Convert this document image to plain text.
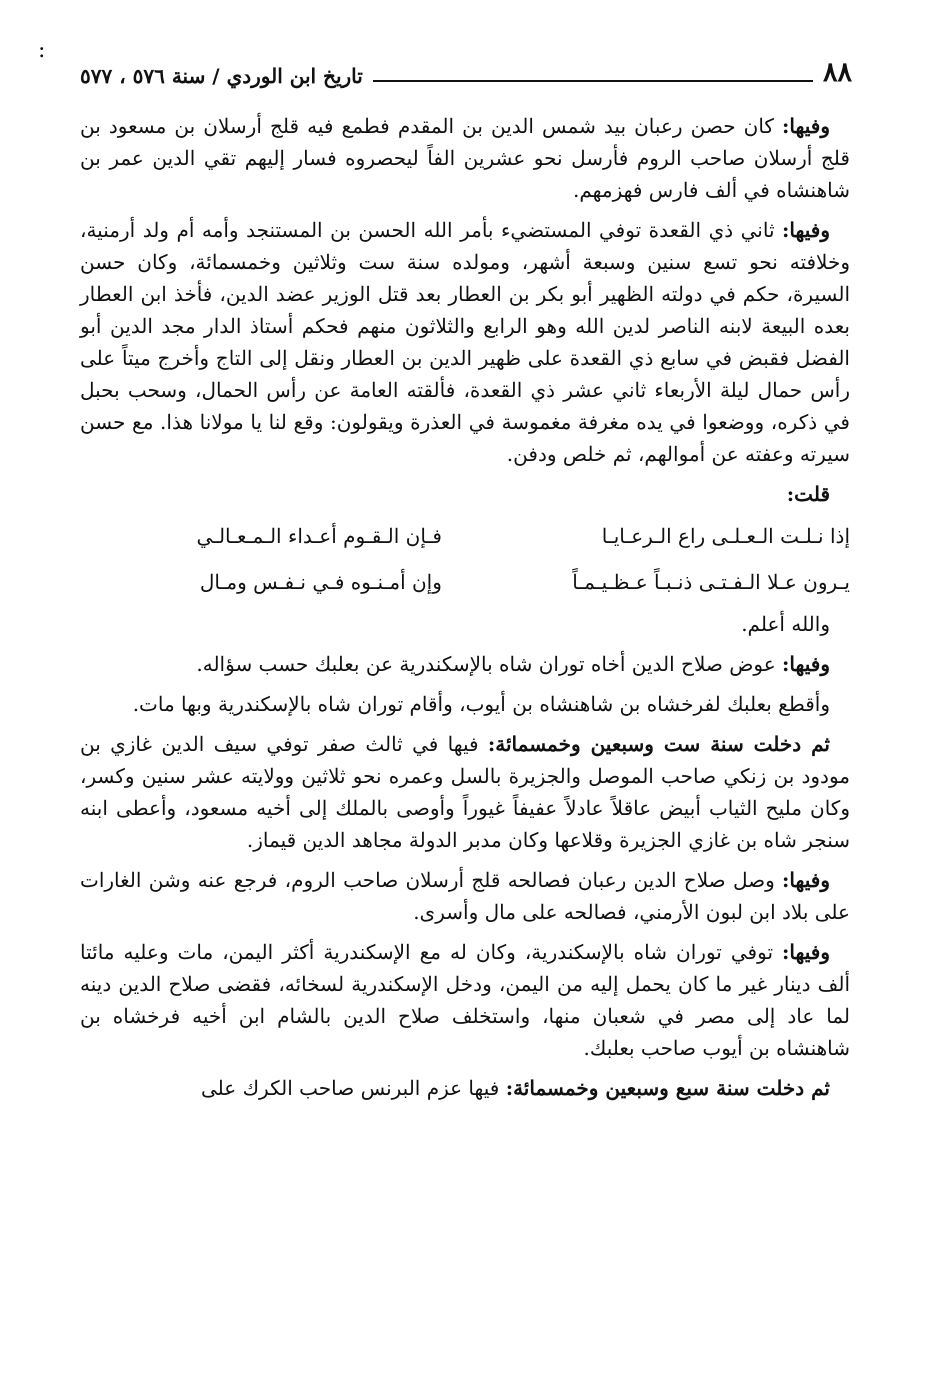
:
٨٨
تاريخ ابن الوردي / سنة ٥٧٦ ، ٥٧٧

وفيها: كان حصن رعبان بيد شمس الدين بن المقدم فطمع فيه قلج أرسلان بن مسعود بن قلج أرسلان صاحب الروم فأرسل نحو عشرين الفاً ليحصروه فسار إليهم تقي الدين عمر بن شاهنشاه في ألف فارس فهزمهم.

وفيها: ثاني ذي القعدة توفي المستضيء بأمر الله الحسن بن المستنجد وأمه أم ولد أرمنية، وخلافته نحو تسع سنين وسبعة أشهر، ومولده سنة ست وثلاثين وخمسمائة، وكان حسن السيرة، حكم في دولته الظهير أبو بكر بن العطار بعد قتل الوزير عضد الدين، فأخذ ابن العطار بعده البيعة لابنه الناصر لدين الله وهو الرابع والثلاثون منهم فحكم أستاذ الدار مجد الدين أبو الفضل فقبض في سابع ذي القعدة على ظهير الدين بن العطار ونقل إلى التاج وأخرج ميتاً على رأس حمال ليلة الأربعاء ثاني عشر ذي القعدة، فألقته العامة عن رأس الحمال، وسحب بحبل في ذكره، ووضعوا في يده مغرفة مغموسة في العذرة ويقولون: وقع لنا يا مولانا هذا. مع حسن سيرته وعفته عن أموالهم، ثم خلص ودفن.

قلت:

إذا نـلـت الـعـلـى راع الـرعـايـا
فـإن الـقـوم أعـداء الـمـعـالـي
يـرون عـلا الـفـتـى ذنـبـاً عـظـيـمـاً
وإن أمـنـوه فـي نـفـس ومـال

والله أعلم.

وفيها: عوض صلاح الدين أخاه توران شاه بالإسكندرية عن بعلبك حسب سؤاله.

وأقطع بعلبك لفرخشاه بن شاهنشاه بن أيوب، وأقام توران شاه بالإسكندرية وبها مات.

ثم دخلت سنة ست وسبعين وخمسمائة: فيها في ثالث صفر توفي سيف الدين غازي بن مودود بن زنكي صاحب الموصل والجزيرة بالسل وعمره نحو ثلاثين وولايته عشر سنين وكسر، وكان مليح الثياب أبيض عاقلاً عادلاً عفيفاً غيوراً وأوصى بالملك إلى أخيه مسعود، وأعطى ابنه سنجر شاه بن غازي الجزيرة وقلاعها وكان مدبر الدولة مجاهد الدين قيماز.

وفيها: وصل صلاح الدين رعبان فصالحه قلج أرسلان صاحب الروم، فرجع عنه وشن الغارات على بلاد ابن لبون الأرمني، فصالحه على مال وأسرى.

وفيها: توفي توران شاه بالإسكندرية، وكان له مع الإسكندرية أكثر اليمن، مات وعليه مائتا ألف دينار غير ما كان يحمل إليه من اليمن، ودخل الإسكندرية لسخائه، فقضى صلاح الدين دينه لما عاد إلى مصر في شعبان منها، واستخلف صلاح الدين بالشام ابن أخيه فرخشاه بن شاهنشاه بن أيوب صاحب بعلبك.

ثم دخلت سنة سبع وسبعين وخمسمائة: فيها عزم البرنس صاحب الكرك على
